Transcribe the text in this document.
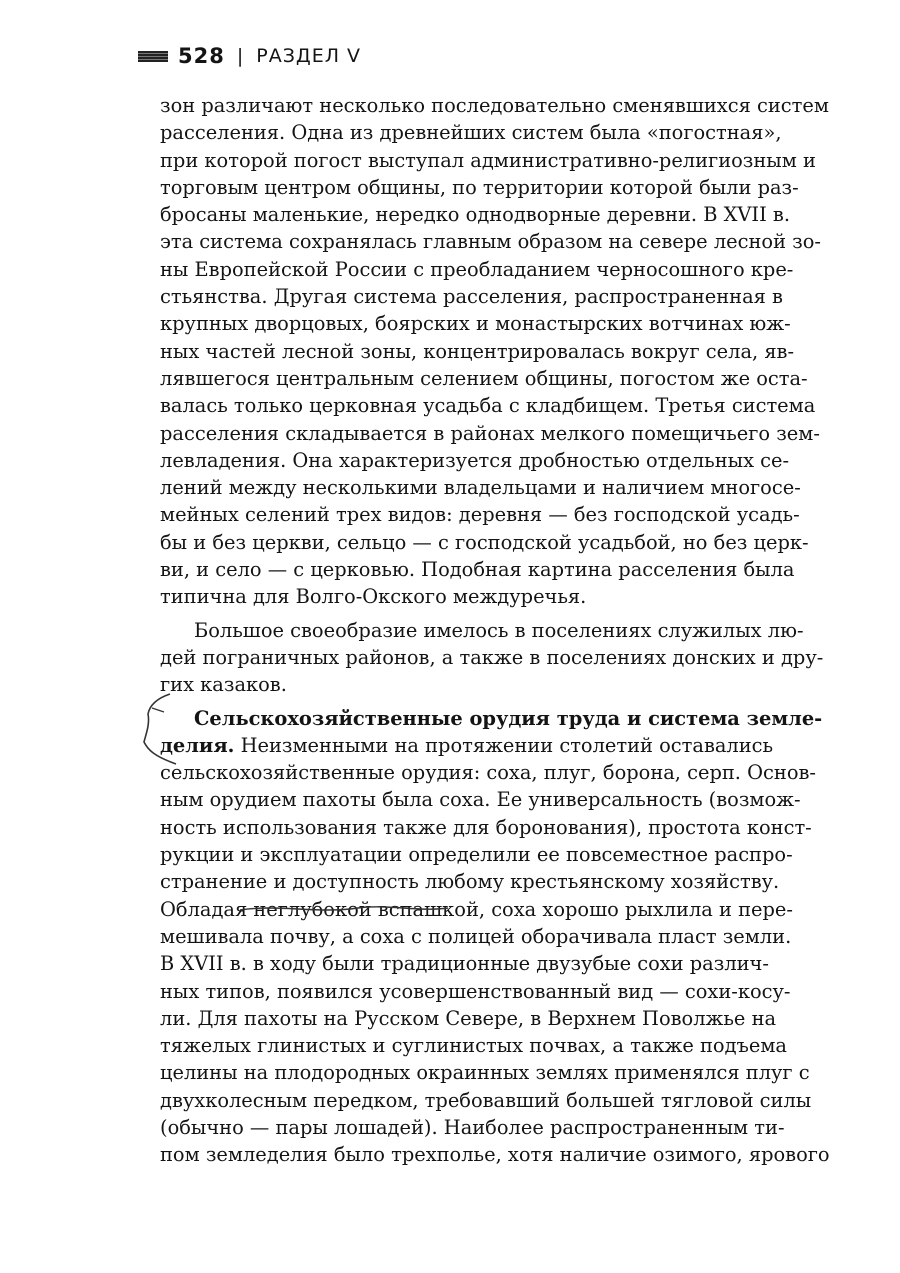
528 | РАЗДЕЛ V
зон различают несколько последовательно сменявшихся систем
расселения. Одна из древнейших систем была «погостная»,
при которой погост выступал административно-религиозным и
торговым центром общины, по территории которой были раз-
бросаны маленькие, нередко однодворные деревни. В XVII в.
эта система сохранялась главным образом на севере лесной зо-
ны Европейской России с преобладанием черносошного кре-
стьянства. Другая система расселения, распространенная в
крупных дворцовых, боярских и монастырских вотчинах юж-
ных частей лесной зоны, концентрировалась вокруг села, яв-
лявшегося центральным селением общины, погостом же оста-
валась только церковная усадьба с кладбищем. Третья система
расселения складывается в районах мелкого помещичьего зем-
левладения. Она характеризуется дробностью отдельных се-
лений между несколькими владельцами и наличием многосе-
мейных селений трех видов: деревня — без господской усадь-
бы и без церкви, сельцо — с господской усадьбой, но без церк-
ви, и село — с церковью. Подобная картина расселения была
типична для Волго-Окского междуречья.
Большое своеобразие имелось в поселениях служилых лю-
дей пограничных районов, а также в поселениях донских и дру-
гих казаков.
Сельскохозяйственные орудия труда и система земле-
делия. Неизменными на протяжении столетий оставались
сельскохозяйственные орудия: соха, плуг, борона, серп. Основ-
ным орудием пахоты была соха. Ее универсальность (возмож-
ность использования также для боронования), простота конст-
рукции и эксплуатации определили ее повсеместное распро-
странение и доступность любому крестьянскому хозяйству.
Обладая неглубокой вспашкой, соха хорошо рыхлила и пере-
мешивала почву, а соха с полицей оборачивала пласт земли.
В XVII в. в ходу были традиционные двузубые сохи различ-
ных типов, появился усовершенствованный вид — сохи-косу-
ли. Для пахоты на Русском Севере, в Верхнем Поволжье на
тяжелых глинистых и суглинистых почвах, а также подъема
целины на плодородных окраинных землях применялся плуг с
двухколесным передком, требовавший большей тягловой силы
(обычно — пары лошадей). Наиболее распространенным ти-
пом земледелия было трехполье, хотя наличие озимого, ярового
